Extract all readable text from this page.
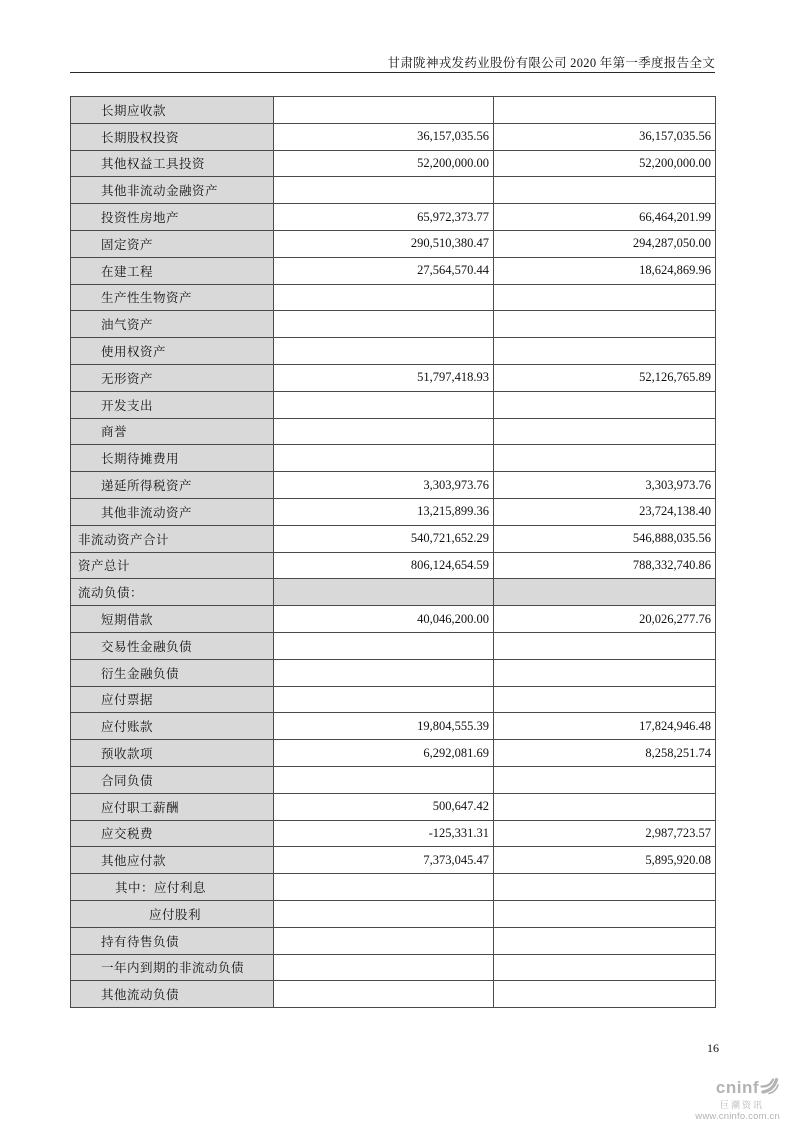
甘肃陇神戎发药业股份有限公司 2020 年第一季度报告全文
长期应收款		
长期股权投资	36,157,035.56	36,157,035.56
其他权益工具投资	52,200,000.00	52,200,000.00
其他非流动金融资产		
投资性房地产	65,972,373.77	66,464,201.99
固定资产	290,510,380.47	294,287,050.00
在建工程	27,564,570.44	18,624,869.96
生产性生物资产		
油气资产		
使用权资产		
无形资产	51,797,418.93	52,126,765.89
开发支出		
商誉		
长期待摊费用		
递延所得税资产	3,303,973.76	3,303,973.76
其他非流动资产	13,215,899.36	23,724,138.40
非流动资产合计	540,721,652.29	546,888,035.56
资产总计	806,124,654.59	788,332,740.86
流动负债：		
短期借款	40,046,200.00	20,026,277.76
交易性金融负债		
衍生金融负债		
应付票据		
应付账款	19,804,555.39	17,824,946.48
预收款项	6,292,081.69	8,258,251.74
合同负债		
应付职工薪酬	500,647.42	
应交税费	-125,331.31	2,987,723.57
其他应付款	7,373,045.47	5,895,920.08
其中：应付利息		
应付股利		
持有待售负债		
一年内到期的非流动负债		
其他流动负债		
16
cninf
巨潮资讯
www.cninfo.com.cn
